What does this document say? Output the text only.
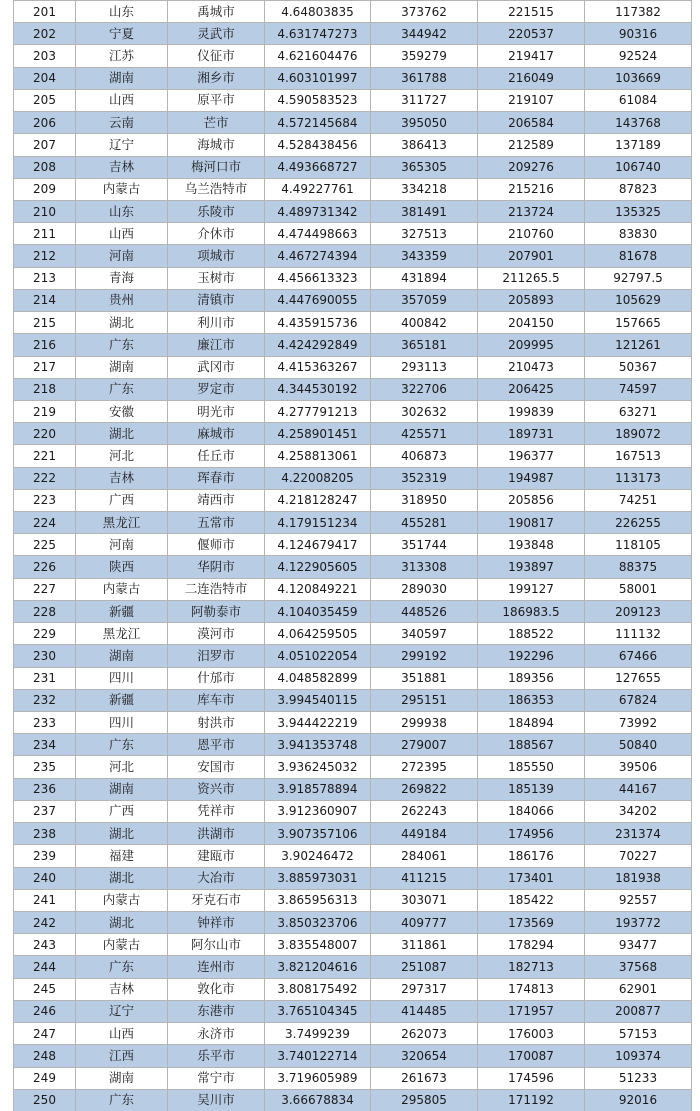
201	山东	禹城市	4.64803835	373762	221515	117382
202	宁夏	灵武市	4.631747273	344942	220537	90316
203	江苏	仪征市	4.621604476	359279	219417	92524
204	湖南	湘乡市	4.603101997	361788	216049	103669
205	山西	原平市	4.590583523	311727	219107	61084
206	云南	芒市	4.572145684	395050	206584	143768
207	辽宁	海城市	4.528438456	386413	212589	137189
208	吉林	梅河口市	4.493668727	365305	209276	106740
209	内蒙古	乌兰浩特市	4.49227761	334218	215216	87823
210	山东	乐陵市	4.489731342	381491	213724	135325
211	山西	介休市	4.474498663	327513	210760	83830
212	河南	项城市	4.467274394	343359	207901	81678
213	青海	玉树市	4.456613323	431894	211265.5	92797.5
214	贵州	清镇市	4.447690055	357059	205893	105629
215	湖北	利川市	4.435915736	400842	204150	157665
216	广东	廉江市	4.424292849	365181	209995	121261
217	湖南	武冈市	4.415363267	293113	210473	50367
218	广东	罗定市	4.344530192	322706	206425	74597
219	安徽	明光市	4.277791213	302632	199839	63271
220	湖北	麻城市	4.258901451	425571	189731	189072
221	河北	任丘市	4.258813061	406873	196377	167513
222	吉林	珲春市	4.22008205	352319	194987	113173
223	广西	靖西市	4.218128247	318950	205856	74251
224	黑龙江	五常市	4.179151234	455281	190817	226255
225	河南	偃师市	4.124679417	351744	193848	118105
226	陕西	华阴市	4.122905605	313308	193897	88375
227	内蒙古	二连浩特市	4.120849221	289030	199127	58001
228	新疆	阿勒泰市	4.104035459	448526	186983.5	209123
229	黑龙江	漠河市	4.064259505	340597	188522	111132
230	湖南	汨罗市	4.051022054	299192	192296	67466
231	四川	什邡市	4.048582899	351881	189356	127655
232	新疆	库车市	3.994540115	295151	186353	67824
233	四川	射洪市	3.944422219	299938	184894	73992
234	广东	恩平市	3.941353748	279007	188567	50840
235	河北	安国市	3.936245032	272395	185550	39506
236	湖南	资兴市	3.918578894	269822	185139	44167
237	广西	凭祥市	3.912360907	262243	184066	34202
238	湖北	洪湖市	3.907357106	449184	174956	231374
239	福建	建瓯市	3.90246472	284061	186176	70227
240	湖北	大冶市	3.885973031	411215	173401	181938
241	内蒙古	牙克石市	3.865956313	303071	185422	92557
242	湖北	钟祥市	3.850323706	409777	173569	193772
243	内蒙古	阿尔山市	3.835548007	311861	178294	93477
244	广东	连州市	3.821204616	251087	182713	37568
245	吉林	敦化市	3.808175492	297317	174813	62901
246	辽宁	东港市	3.765104345	414485	171957	200877
247	山西	永济市	3.7499239	262073	176003	57153
248	江西	乐平市	3.740122714	320654	170087	109374
249	湖南	常宁市	3.719605989	261673	174596	51233
250	广东	吴川市	3.66678834	295805	171192	92016
